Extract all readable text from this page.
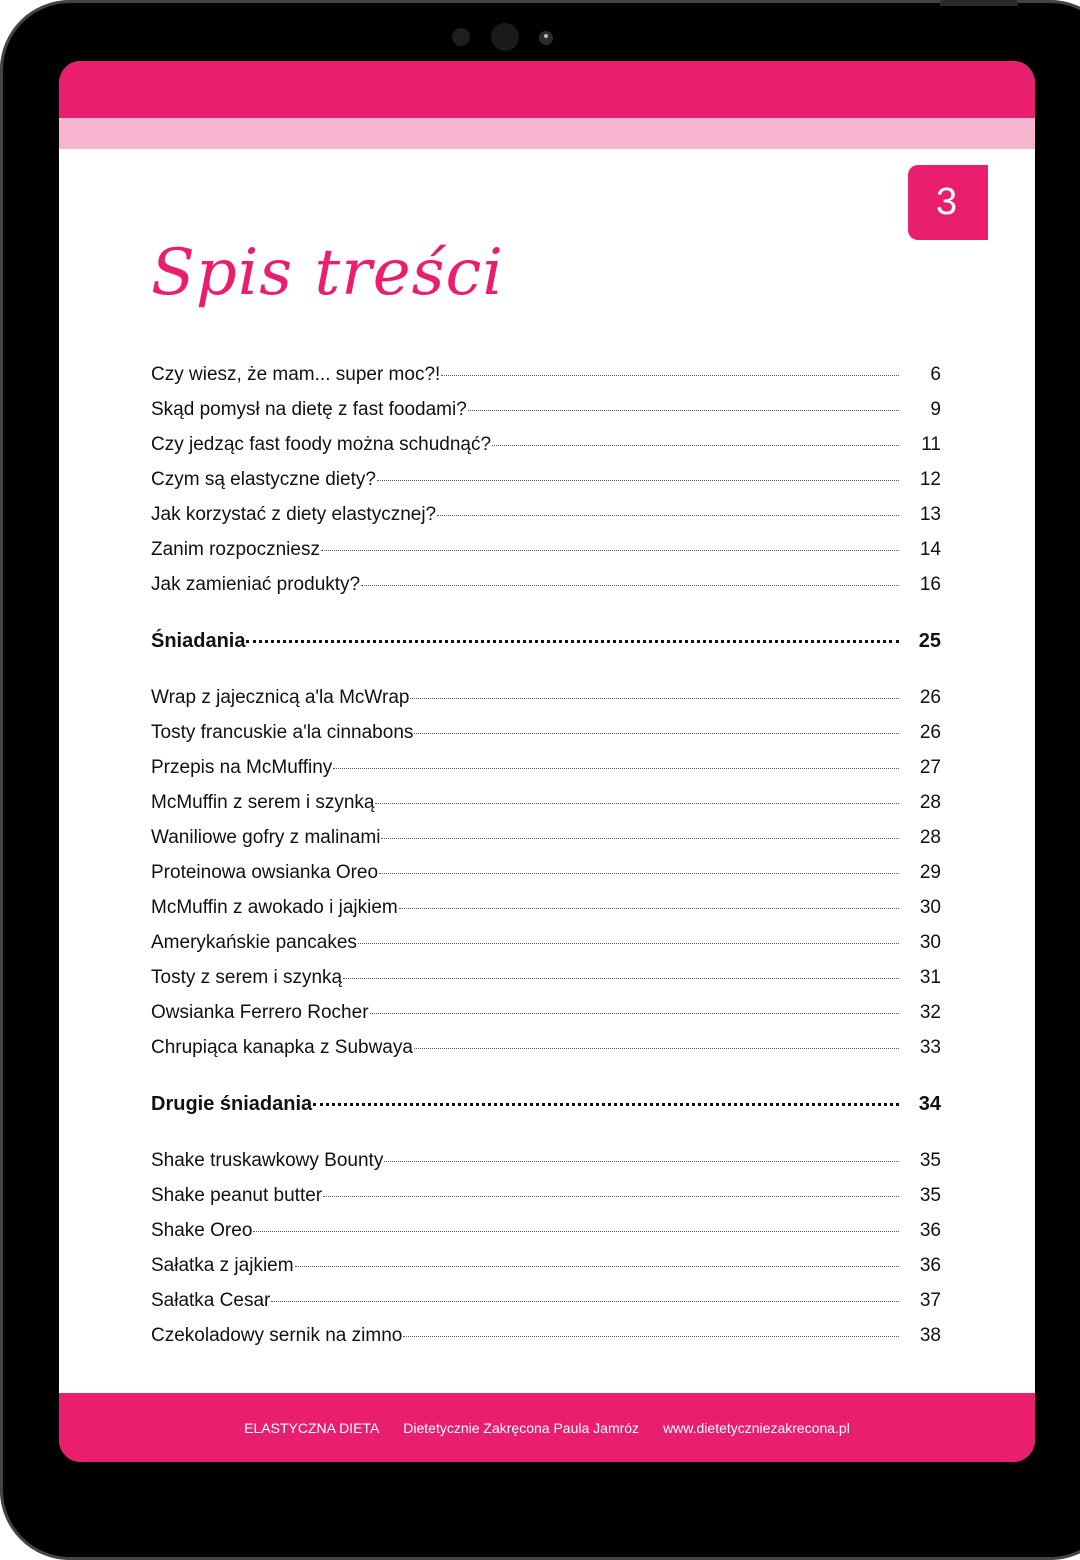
Spis treści
Czy wiesz, że mam... super moc?!	6
Skąd pomysł na dietę z fast foodami?	9
Czy jedząc fast foody można schudnąć?	11
Czym są elastyczne diety?	12
Jak korzystać z diety elastycznej?	13
Zanim rozpoczniesz	14
Jak zamieniać produkty?	16
Śniadania	25
Wrap z jajecznicą a'la McWrap	26
Tosty francuskie a'la cinnabons	26
Przepis na McMuffiny	27
McMuffin z serem i szynką	28
Waniliowe gofry z malinami	28
Proteinowa owsianka Oreo	29
McMuffin z awokado i jajkiem	30
Amerykańskie pancakes	30
Tosty z serem i szynką	31
Owsianka Ferrero Rocher	32
Chrupiąca kanapka z Subwaya	33
Drugie śniadania	34
Shake truskawkowy Bounty	35
Shake peanut butter	35
Shake Oreo	36
Sałatka z jajkiem	36
Sałatka Cesar	37
Czekoladowy sernik na zimno	38
ELASTYCZNA DIETA Dietetycznie Zakręcona Paula Jamróz www.dietetyczniezakrecona.pl
3
